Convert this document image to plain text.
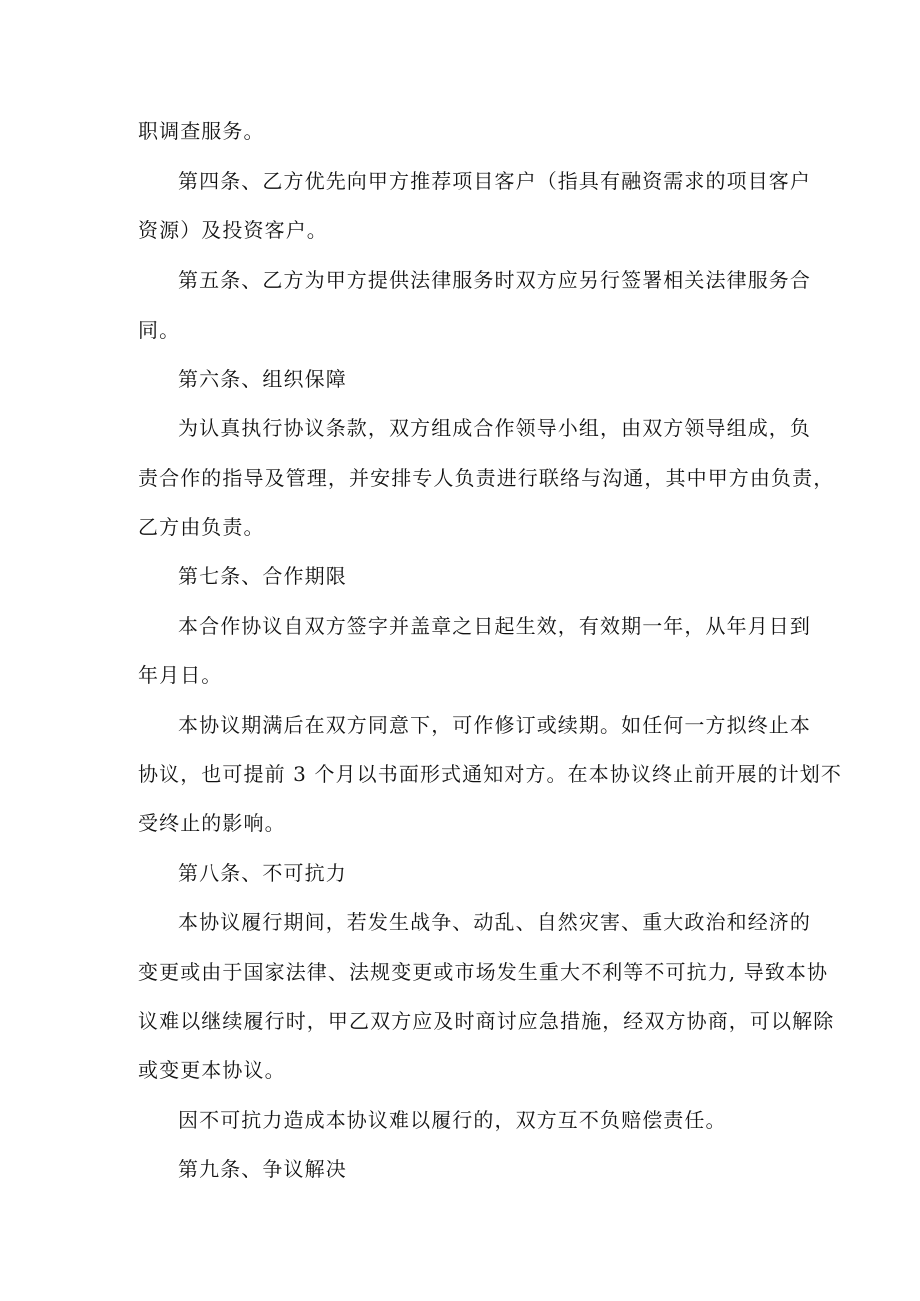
职调查服务。
第四条、乙方优先向甲方推荐项目客户（指具有融资需求的项目客户
资源）及投资客户。
第五条、乙方为甲方提供法律服务时双方应另行签署相关法律服务合
同。
第六条、组织保障
为认真执行协议条款，双方组成合作领导小组，由双方领导组成，负
责合作的指导及管理，并安排专人负责进行联络与沟通，其中甲方由负责，
乙方由负责。
第七条、合作期限
本合作协议自双方签字并盖章之日起生效，有效期一年，从年月日到
年月日。
本协议期满后在双方同意下，可作修订或续期。如任何一方拟终止本
协议，也可提前 3 个月以书面形式通知对方。在本协议终止前开展的计划不
受终止的影响。
第八条、不可抗力
本协议履行期间，若发生战争、动乱、自然灾害、重大政治和经济的
变更或由于国家法律、法规变更或市场发生重大不利等不可抗力, 导致本协
议难以继续履行时，甲乙双方应及时商讨应急措施，经双方协商，可以解除
或变更本协议。
因不可抗力造成本协议难以履行的，双方互不负赔偿责任。
第九条、争议解决
